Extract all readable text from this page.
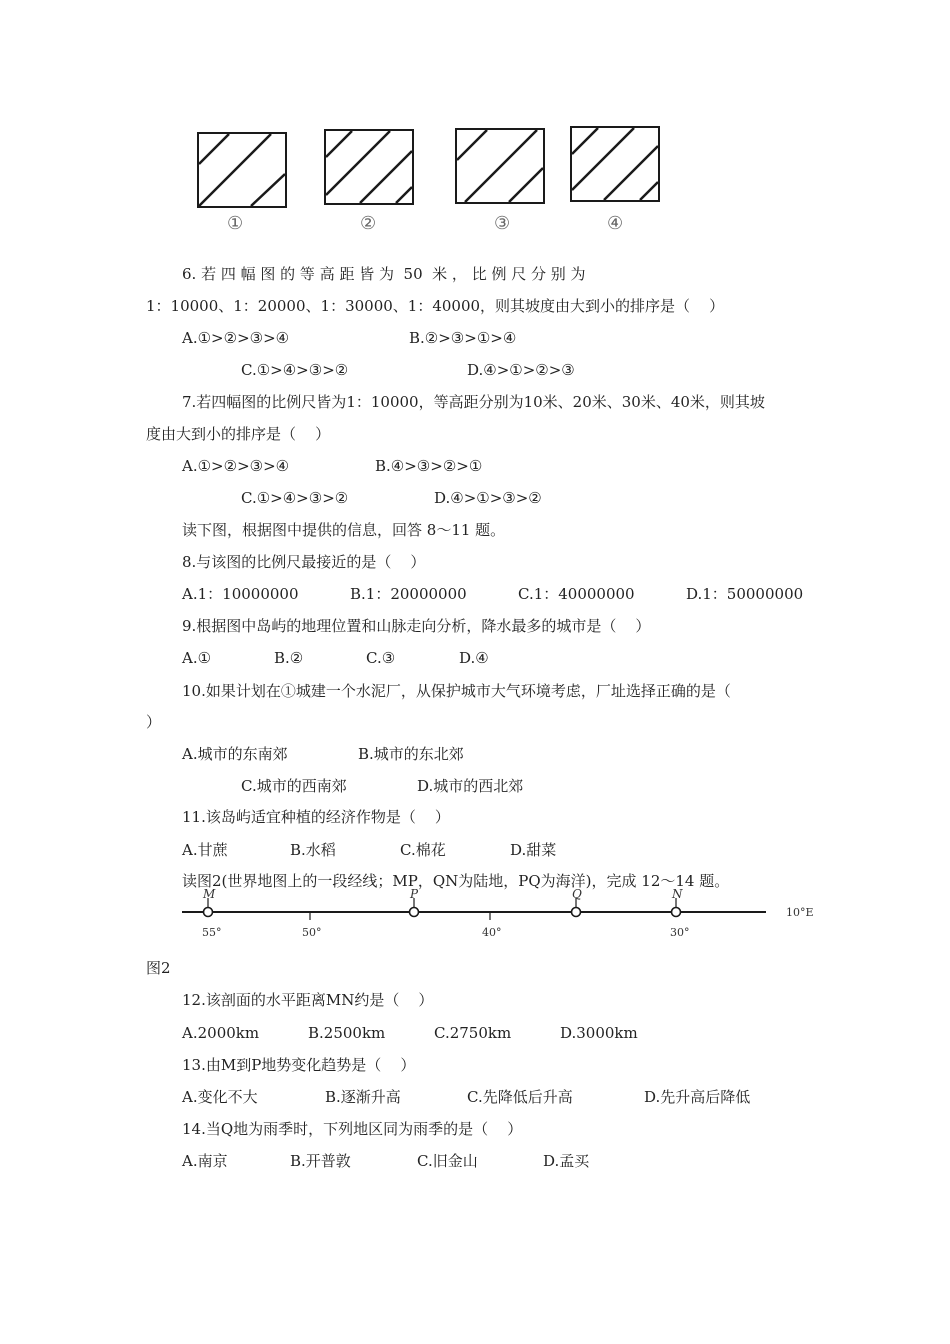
①	②	③	④
6. 若 四 幅 图 的 等 高 距 皆 为  50  米 ， 比 例 尺 分 别 为
1：10000、1：20000、1：30000、1：40000，则其坡度由大到小的排序是（    ）
A.①>②>③>④	B.②>③>①>④
C.①>④>③>②	D.④>①>②>③
7.若四幅图的比例尺皆为1：10000，等高距分别为10米、20米、30米、40米，则其坡
度由大到小的排序是（    ）
A.①>②>③>④	B.④>③>②>①
C.①>④>③>②	D.④>①>③>②
读下图，根据图中提供的信息，回答 8～11 题。
8.与该图的比例尺最接近的是（    ）
A.1：10000000	B.1：20000000	C.1：40000000	D.1：50000000
9.根据图中岛屿的地理位置和山脉走向分析，降水最多的城市是（    ）
A.①	B.②	C.③	D.④
10.如果计划在①城建一个水泥厂，从保护城市大气环境考虑，厂址选择正确的是（
）
A.城市的东南郊	B.城市的东北郊
C.城市的西南郊	D.城市的西北郊
11.该岛屿适宜种植的经济作物是（    ）
A.甘蔗	B.水稻	C.棉花	D.甜菜
读图2(世界地图上的一段经线；MP，QN为陆地，PQ为海洋)，完成 12～14 题。
M	P	Q	N
55°	50°	40°	30°
10°E
图2
12.该剖面的水平距离MN约是（    ）
A.2000km	B.2500km	C.2750km	D.3000km
13.由M到P地势变化趋势是（    ）
A.变化不大	B.逐渐升高	C.先降低后升高	D.先升高后降低
14.当Q地为雨季时，下列地区同为雨季的是（    ）
A.南京	B.开普敦	C.旧金山	D.孟买
